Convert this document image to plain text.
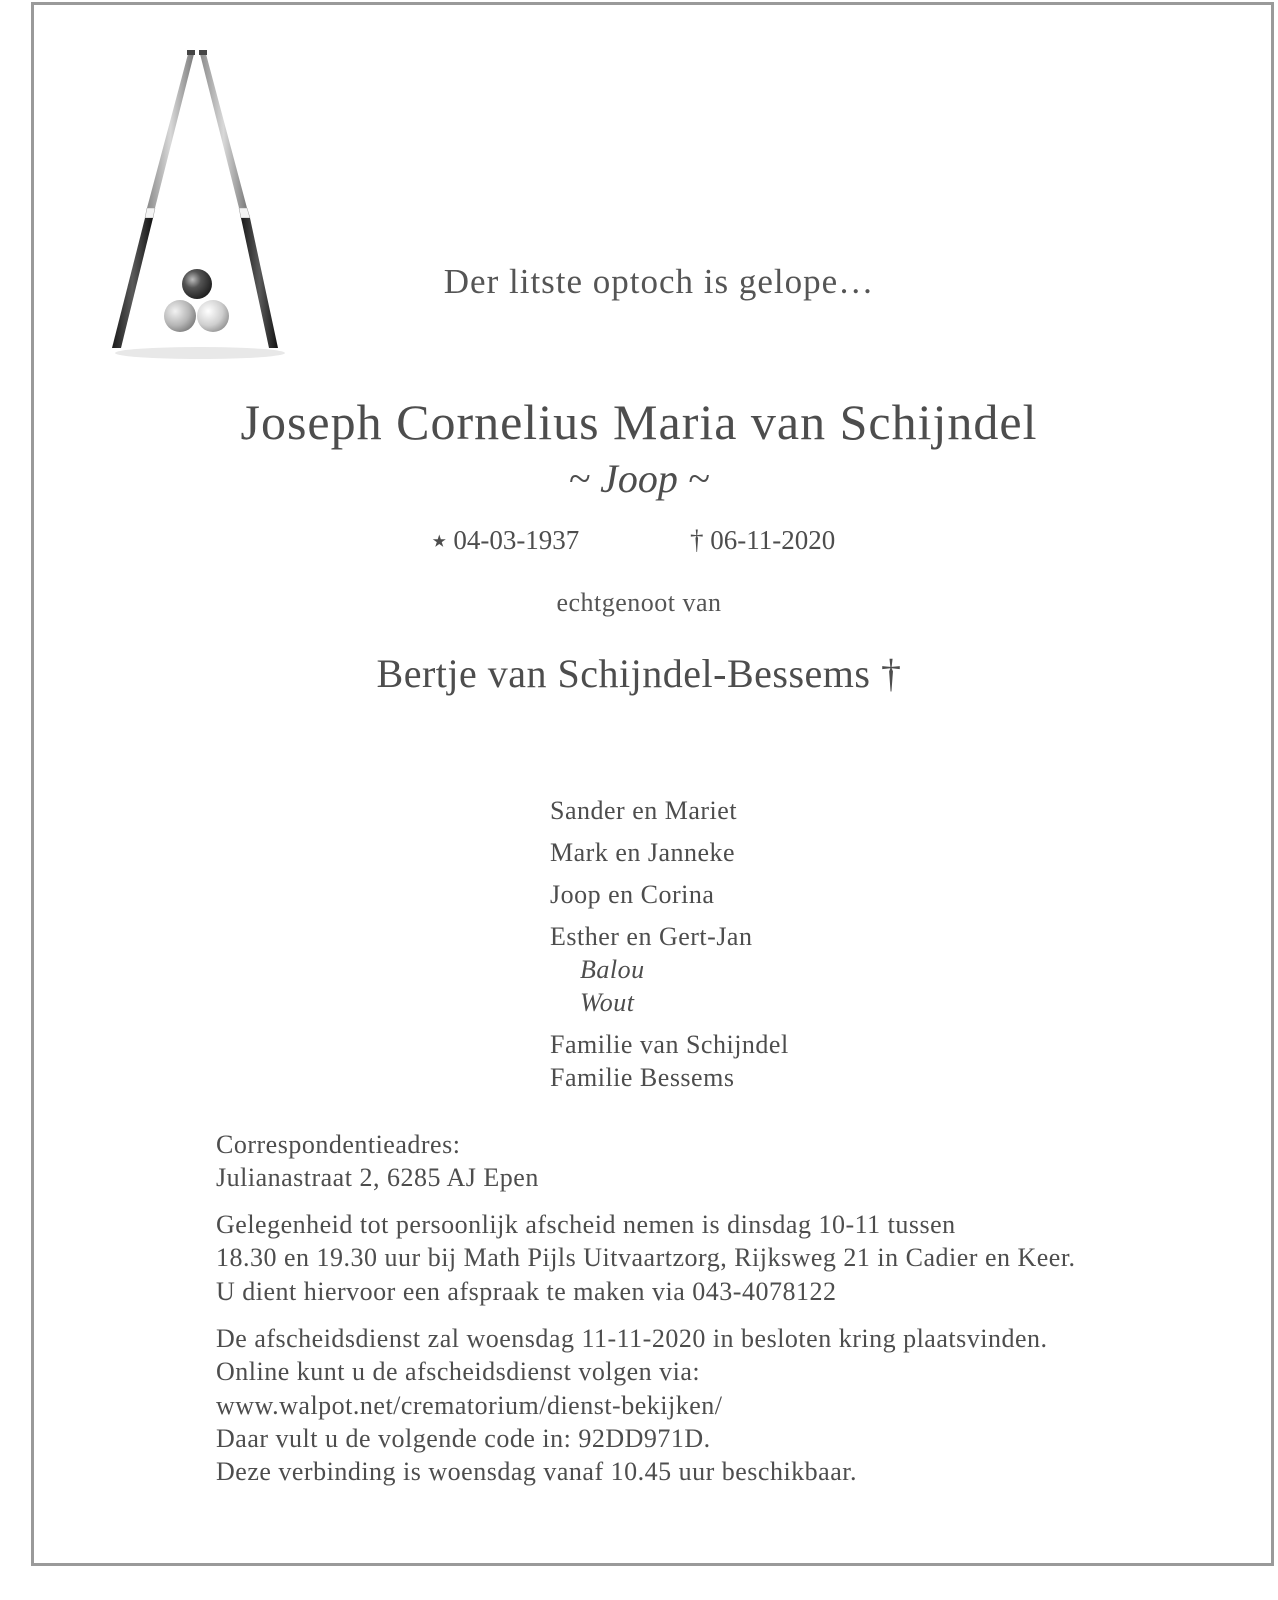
Der litste optoch is gelope…
Joseph Cornelius Maria van Schijndel
~ Joop ~
⭑ 04-03-1937	† 06-11-2020
echtgenoot van
Bertje van Schijndel-Bessems †
Sander en Mariet
Mark en Janneke
Joop en Corina
Esther en Gert-Jan
Balou
Wout
Familie van Schijndel
Familie Bessems
Correspondentieadres:
Julianastraat 2, 6285 AJ Epen
Gelegenheid tot persoonlijk afscheid nemen is dinsdag 10-11 tussen
18.30 en 19.30 uur bij Math Pijls Uitvaartzorg, Rijksweg 21 in Cadier en Keer.
U dient hiervoor een afspraak te maken via 043-4078122
De afscheidsdienst zal woensdag 11-11-2020 in besloten kring plaatsvinden.
Online kunt u de afscheidsdienst volgen via:
www.walpot.net/crematorium/dienst-bekijken/
Daar vult u de volgende code in: 92DD971D.
Deze verbinding is woensdag vanaf 10.45 uur beschikbaar.
